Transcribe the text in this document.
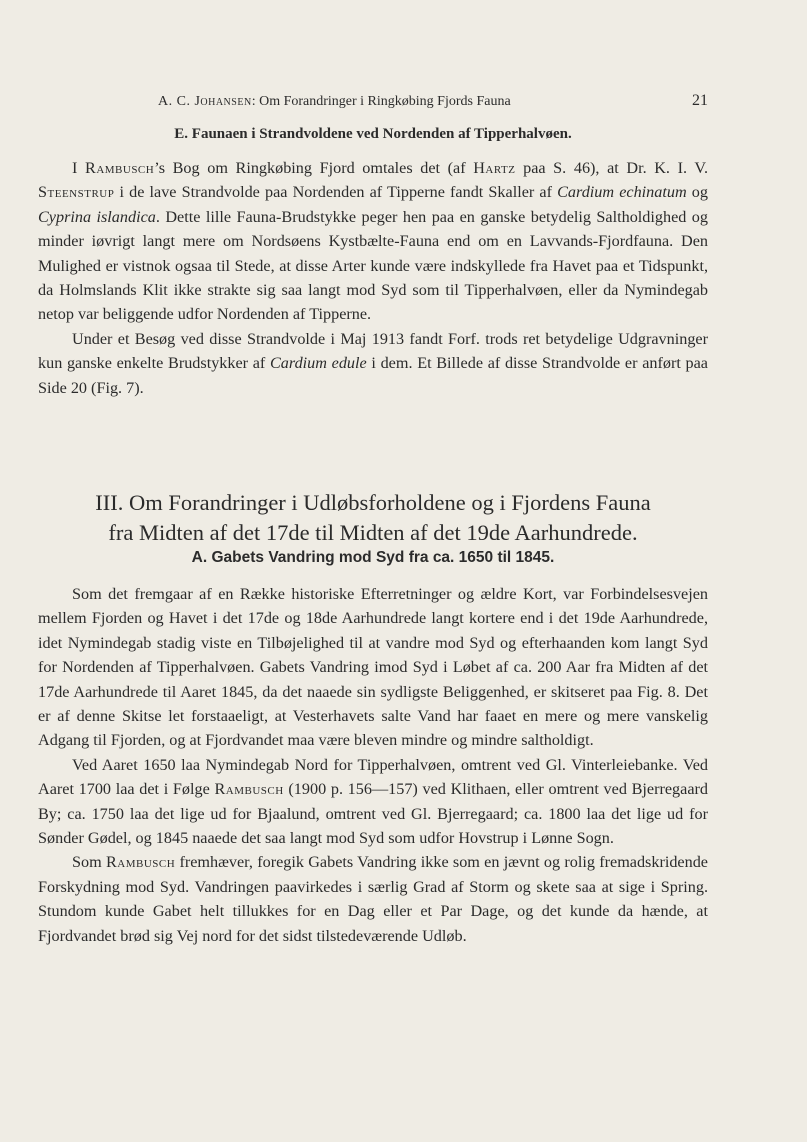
A. C. Johansen: Om Forandringer i Ringkøbing Fjords Fauna	21
E. Faunaen i Strandvoldene ved Nordenden af Tipperhalvøen.

I Rambusch’s Bog om Ringkøbing Fjord omtales det (af Hartz paa S. 46), at Dr. K. I. V. Steenstrup i de lave Strandvolde paa Nordenden af Tipperne fandt Skaller af Cardium echinatum og Cyprina islandica. Dette lille Fauna-Brudstykke peger hen paa en ganske betydelig Saltholdighed og minder iøvrigt langt mere om Nordsøens Kystbælte-Fauna end om en Lavvands-Fjordfauna. Den Mulighed er vistnok ogsaa til Stede, at disse Arter kunde være indskyllede fra Havet paa et Tidspunkt, da Holmslands Klit ikke strakte sig saa langt mod Syd som til Tipperhalvøen, eller da Nymindegab netop var beliggende udfor Nordenden af Tipperne.

Under et Besøg ved disse Strandvolde i Maj 1913 fandt Forf. trods ret betydelige Udgravninger kun ganske enkelte Brudstykker af Cardium edule i dem. Et Billede af disse Strandvolde er anført paa Side 20 (Fig. 7).

III. Om Forandringer i Udløbsforholdene og i Fjordens Fauna
fra Midten af det 17de til Midten af det 19de Aarhundrede.
A. Gabets Vandring mod Syd fra ca. 1650 til 1845.

Som det fremgaar af en Række historiske Efterretninger og ældre Kort, var Forbindelsesvejen mellem Fjorden og Havet i det 17de og 18de Aarhundrede langt kortere end i det 19de Aarhundrede, idet Nymindegab stadig viste en Tilbøjelighed til at vandre mod Syd og efterhaanden kom langt Syd for Nordenden af Tipperhalvøen. Gabets Vandring imod Syd i Løbet af ca. 200 Aar fra Midten af det 17de Aarhundrede til Aaret 1845, da det naaede sin sydligste Beliggenhed, er skitseret paa Fig. 8. Det er af denne Skitse let forstaaeligt, at Vesterhavets salte Vand har faaet en mere og mere vanskelig Adgang til Fjorden, og at Fjordvandet maa være bleven mindre og mindre saltholdigt.

Ved Aaret 1650 laa Nymindegab Nord for Tipperhalvøen, omtrent ved Gl. Vinterleiebanke. Ved Aaret 1700 laa det i Følge Rambusch (1900 p. 156—157) ved Klithaen, eller omtrent ved Bjerregaard By; ca. 1750 laa det lige ud for Bjaalund, omtrent ved Gl. Bjerregaard; ca. 1800 laa det lige ud for Sønder Gødel, og 1845 naaede det saa langt mod Syd som udfor Hovstrup i Lønne Sogn.

Som Rambusch fremhæver, foregik Gabets Vandring ikke som en jævnt og rolig fremadskridende Forskydning mod Syd. Vandringen paavirkedes i særlig Grad af Storm og skete saa at sige i Spring. Stundom kunde Gabet helt tillukkes for en Dag eller et Par Dage, og det kunde da hænde, at Fjordvandet brød sig Vej nord for det sidst tilstedeværende Udløb.
